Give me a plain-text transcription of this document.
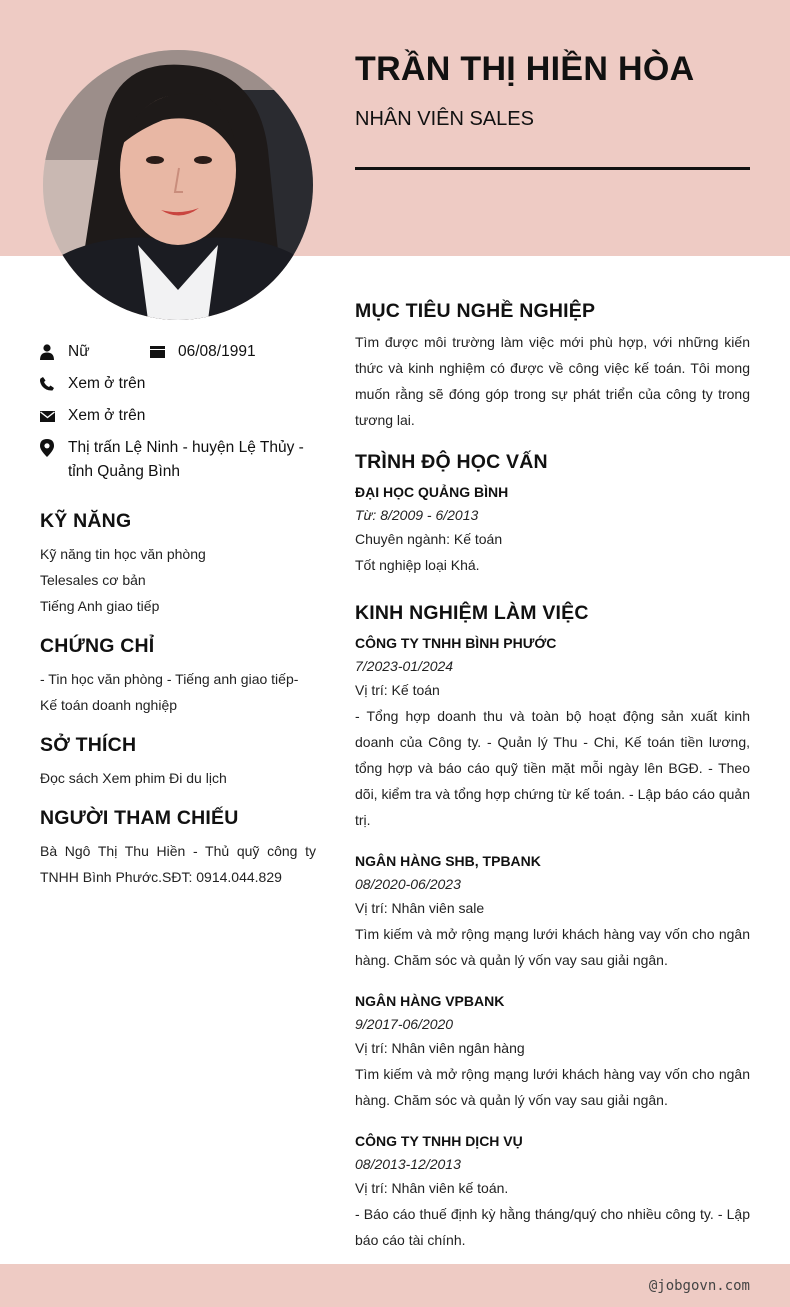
TRẦN THỊ HIỀN HÒA
NHÂN VIÊN SALES
Nữ	06/08/1991
Xem ở trên
Xem ở trên
Thị trấn Lệ Ninh - huyện Lệ Thủy - tỉnh Quảng Bình
KỸ NĂNG
Kỹ năng tin học văn phòng
Telesales cơ bản
Tiếng Anh giao tiếp
CHỨNG CHỈ
- Tin học văn phòng - Tiếng anh giao tiếp- Kế toán doanh nghiệp
SỞ THÍCH
Đọc sách Xem phim Đi du lịch
NGƯỜI THAM CHIẾU
Bà Ngô Thị Thu Hiền - Thủ quỹ công ty TNHH Bình Phước.SĐT: 0914.044.829
MỤC TIÊU NGHỀ NGHIỆP
Tìm được môi trường làm việc mới phù hợp, với những kiến thức và kinh nghiệm có được về công việc kế toán. Tôi mong muốn rằng sẽ đóng góp trong sự phát triển của công ty trong tương lai.
TRÌNH ĐỘ HỌC VẤN
ĐẠI HỌC QUẢNG BÌNH
Từ: 8/2009 - 6/2013
Chuyên ngành: Kế toán
Tốt nghiệp loại Khá.
KINH NGHIỆM LÀM VIỆC
CÔNG TY TNHH BÌNH PHƯỚC
7/2023-01/2024
Vị trí: Kế toán
- Tổng hợp doanh thu và toàn bộ hoạt động sản xuất kinh doanh của Công ty. - Quản lý Thu - Chi, Kế toán tiền lương, tổng hợp và báo cáo quỹ tiền mặt mỗi ngày lên BGĐ. - Theo dõi, kiểm tra và tổng hợp chứng từ kế toán. - Lập báo cáo quản trị.
NGÂN HÀNG SHB, TPBANK
08/2020-06/2023
Vị trí: Nhân viên sale
Tìm kiếm và mở rộng mạng lưới khách hàng vay vốn cho ngân hàng. Chăm sóc và quản lý vốn vay sau giải ngân.
NGÂN HÀNG VPBANK
9/2017-06/2020
Vị trí: Nhân viên ngân hàng
Tìm kiếm và mở rộng mạng lưới khách hàng vay vốn cho ngân hàng. Chăm sóc và quản lý vốn vay sau giải ngân.
CÔNG TY TNHH DỊCH VỤ
08/2013-12/2013
Vị trí: Nhân viên kế toán.
- Báo cáo thuế định kỳ hằng tháng/quý cho nhiều công ty. - Lập báo cáo tài chính.
@jobgovn.com
